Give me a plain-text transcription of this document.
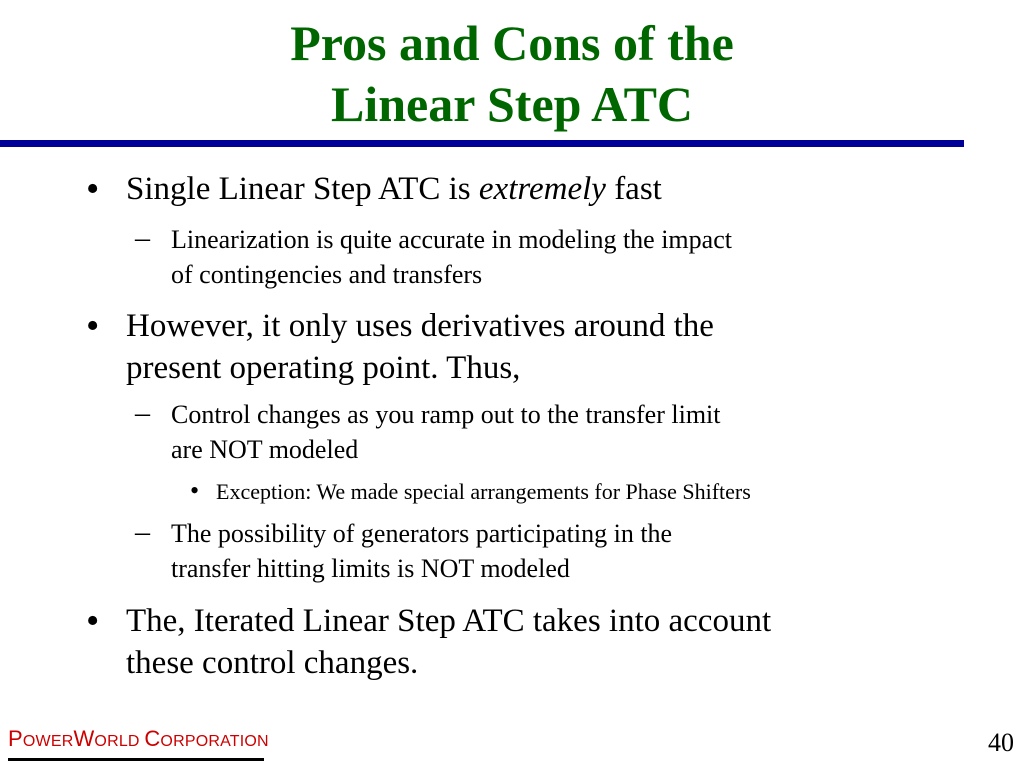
Pros and Cons of the
Linear Step ATC
• Single Linear Step ATC is extremely fast
– Linearization is quite accurate in modeling the impact
of contingencies and transfers
• However, it only uses derivatives around the
present operating point. Thus,
– Control changes as you ramp out to the transfer limit
are NOT modeled
• Exception: We made special arrangements for Phase Shifters
– The possibility of generators participating in the
transfer hitting limits is NOT modeled
• The, Iterated Linear Step ATC takes into account
these control changes.
POWERWORLD CORPORATION	40
